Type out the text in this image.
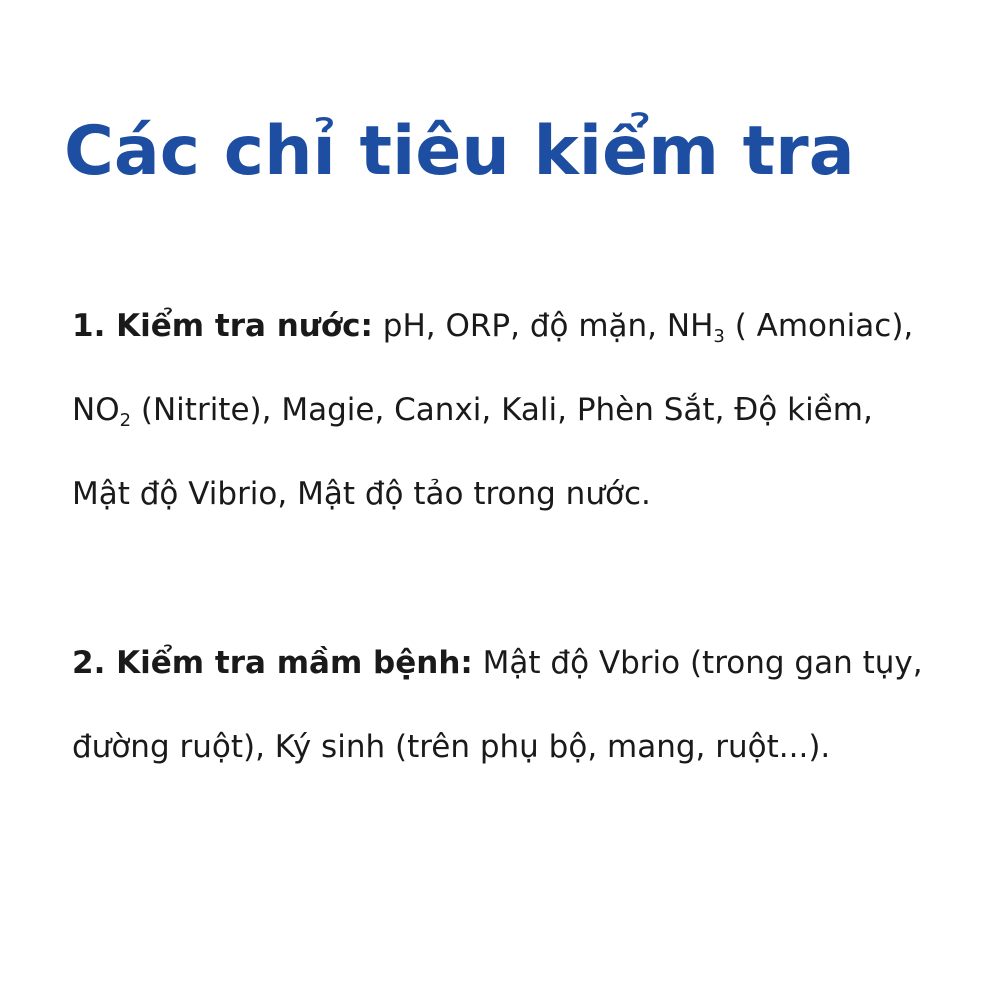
Các chỉ tiêu kiểm tra
1. Kiểm tra nước: pH, ORP, độ mặn, $NH_3$ ( Amoniac),
$NO_2$ (Nitrite), Magie, Canxi, Kali, Phèn Sắt, Độ kiềm,
Mật độ Vibrio, Mật độ tảo trong nước.
2. Kiểm tra mầm bệnh: Mật độ Vbrio (trong gan tụy,
đường ruột), Ký sinh (trên phụ bộ, mang, ruột...).
